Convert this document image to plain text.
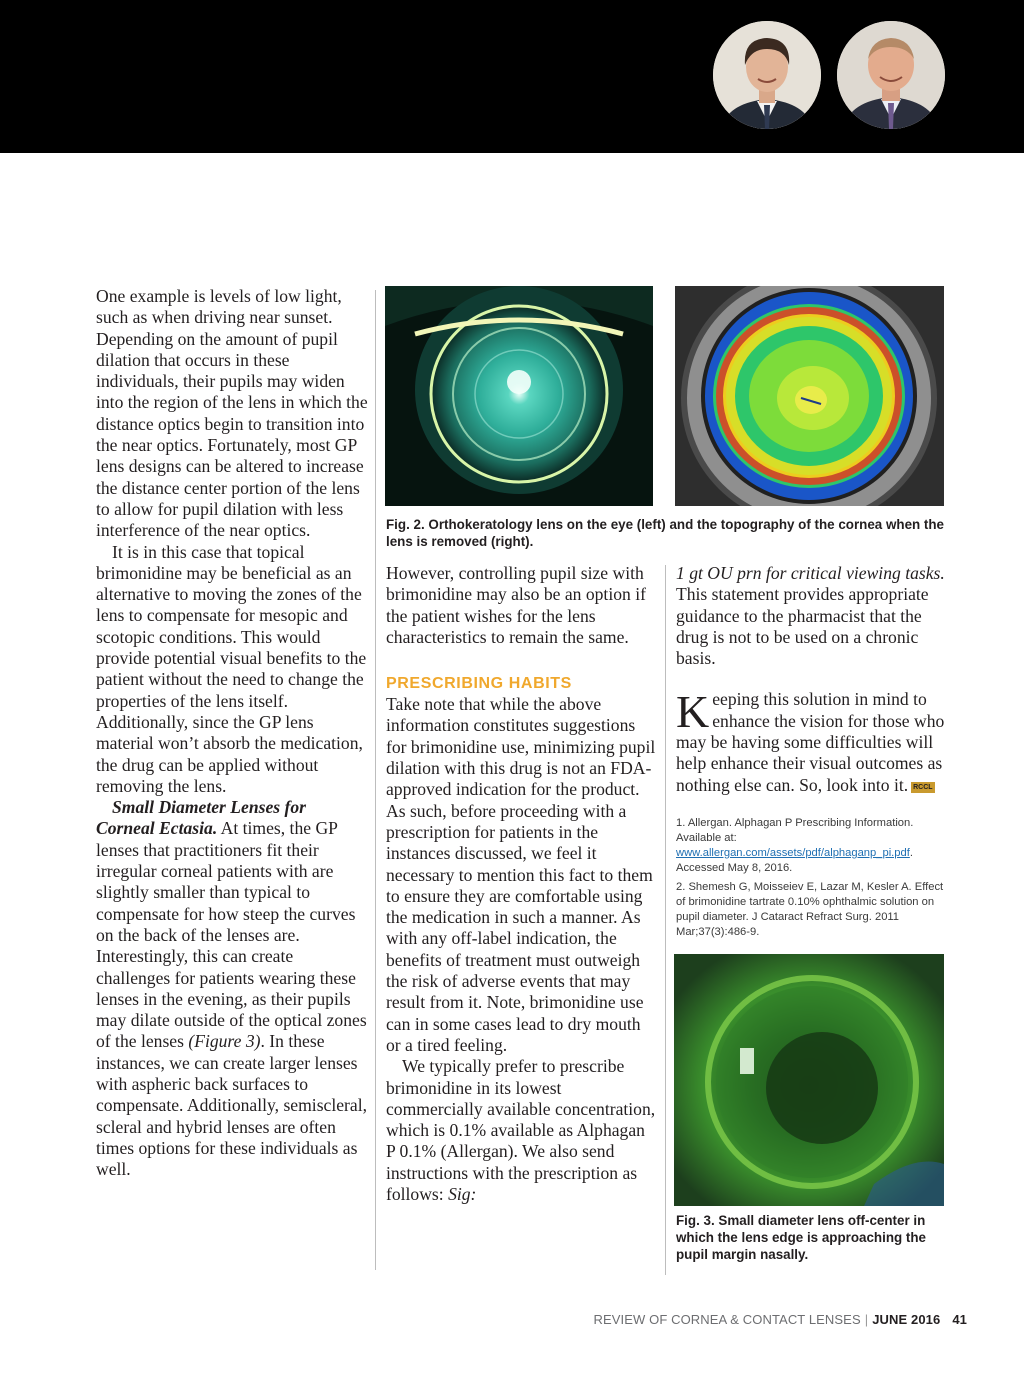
One example is levels of low light, such as when driving near sunset. Depending on the amount of pupil dilation that occurs in these individuals, their pupils may widen into the region of the lens in which the distance optics begin to transition into the near optics. Fortunately, most GP lens designs can be altered to increase the distance center portion of the lens to allow for pupil dilation with less interference of the near optics.

It is in this case that topical brimonidine may be beneficial as an alternative to moving the zones of the lens to compensate for mesopic and scotopic conditions. This would provide potential visual benefits to the patient without the need to change the properties of the lens itself. Additionally, since the GP lens material won’t absorb the medication, the drug can be applied without removing the lens.

Small Diameter Lenses for Corneal Ectasia. At times, the GP lenses that practitioners fit their irregular corneal patients with are slightly smaller than typical to compensate for how steep the curves on the back of the lenses are. Interestingly, this can create challenges for patients wearing these lenses in the evening, as their pupils may dilate outside of the optical zones of the lenses (Figure 3). In these instances, we can create larger lenses with aspheric back surfaces to compensate. Additionally, semiscleral, scleral and hybrid lenses are often times options for these individuals as well.

Fig. 2. Orthokeratology lens on the eye (left) and the topography of the cornea when the lens is removed (right).

However, controlling pupil size with brimonidine may also be an option if the patient wishes for the lens characteristics to remain the same.

PRESCRIBING HABITS

Take note that while the above information constitutes suggestions for brimonidine use, minimizing pupil dilation with this drug is not an FDA-approved indication for the product. As such, before proceeding with a prescription for patients in the instances discussed, we feel it necessary to mention this fact to them to ensure they are comfortable using the medication in such a manner. As with any off-label indication, the benefits of treatment must outweigh the risk of adverse events that may result from it. Note, brimonidine use can in some cases lead to dry mouth or a tired feeling.

We typically prefer to prescribe brimonidine in its lowest commercially available concentration, which is 0.1% available as Alphagan P 0.1% (Allergan). We also send instructions with the prescription as follows: Sig:

1 gt OU prn for critical viewing tasks. This statement provides appropriate guidance to the pharmacist that the drug is not to be used on a chronic basis.

Keeping this solution in mind to enhance the vision for those who may be having some difficulties will help enhance their visual outcomes as nothing else can. So, look into it. RCCL

1. Allergan. Alphagan P Prescribing Information. Available at: www.allergan.com/assets/pdf/alphaganp_pi.pdf. Accessed May 8, 2016.

2. Shemesh G, Moisseiev E, Lazar M, Kesler A. Effect of brimonidine tartrate 0.10% ophthalmic solution on pupil diameter. J Cataract Refract Surg. 2011 Mar;37(3):486-9.

Fig. 3. Small diameter lens off-center in which the lens edge is approaching the pupil margin nasally.
REVIEW OF CORNEA & CONTACT LENSES | JUNE 2016 41
